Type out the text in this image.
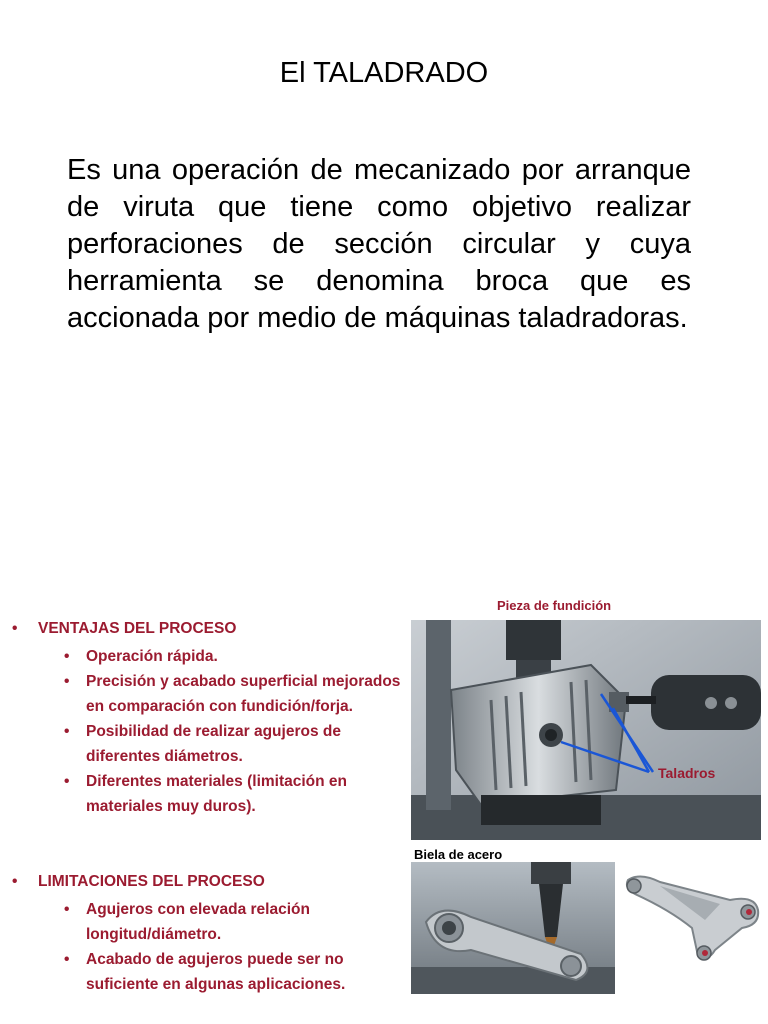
El TALADRADO
Es una operación de mecanizado por arranque de viruta que tiene como objetivo realizar perforaciones de sección circular y cuya herramienta se denomina broca que es accionada por medio de máquinas taladradoras.
• VENTAJAS DEL PROCESO
• Operación rápida.
• Precisión y acabado superficial mejorados en comparación con fundición/forja.
• Posibilidad de realizar agujeros de diferentes diámetros.
• Diferentes materiales (limitación en materiales muy duros).
• LIMITACIONES DEL PROCESO
• Agujeros con elevada relación longitud/diámetro.
• Acabado de agujeros puede ser no suficiente en algunas aplicaciones.
Pieza de fundición
Taladros
Biela de acero
